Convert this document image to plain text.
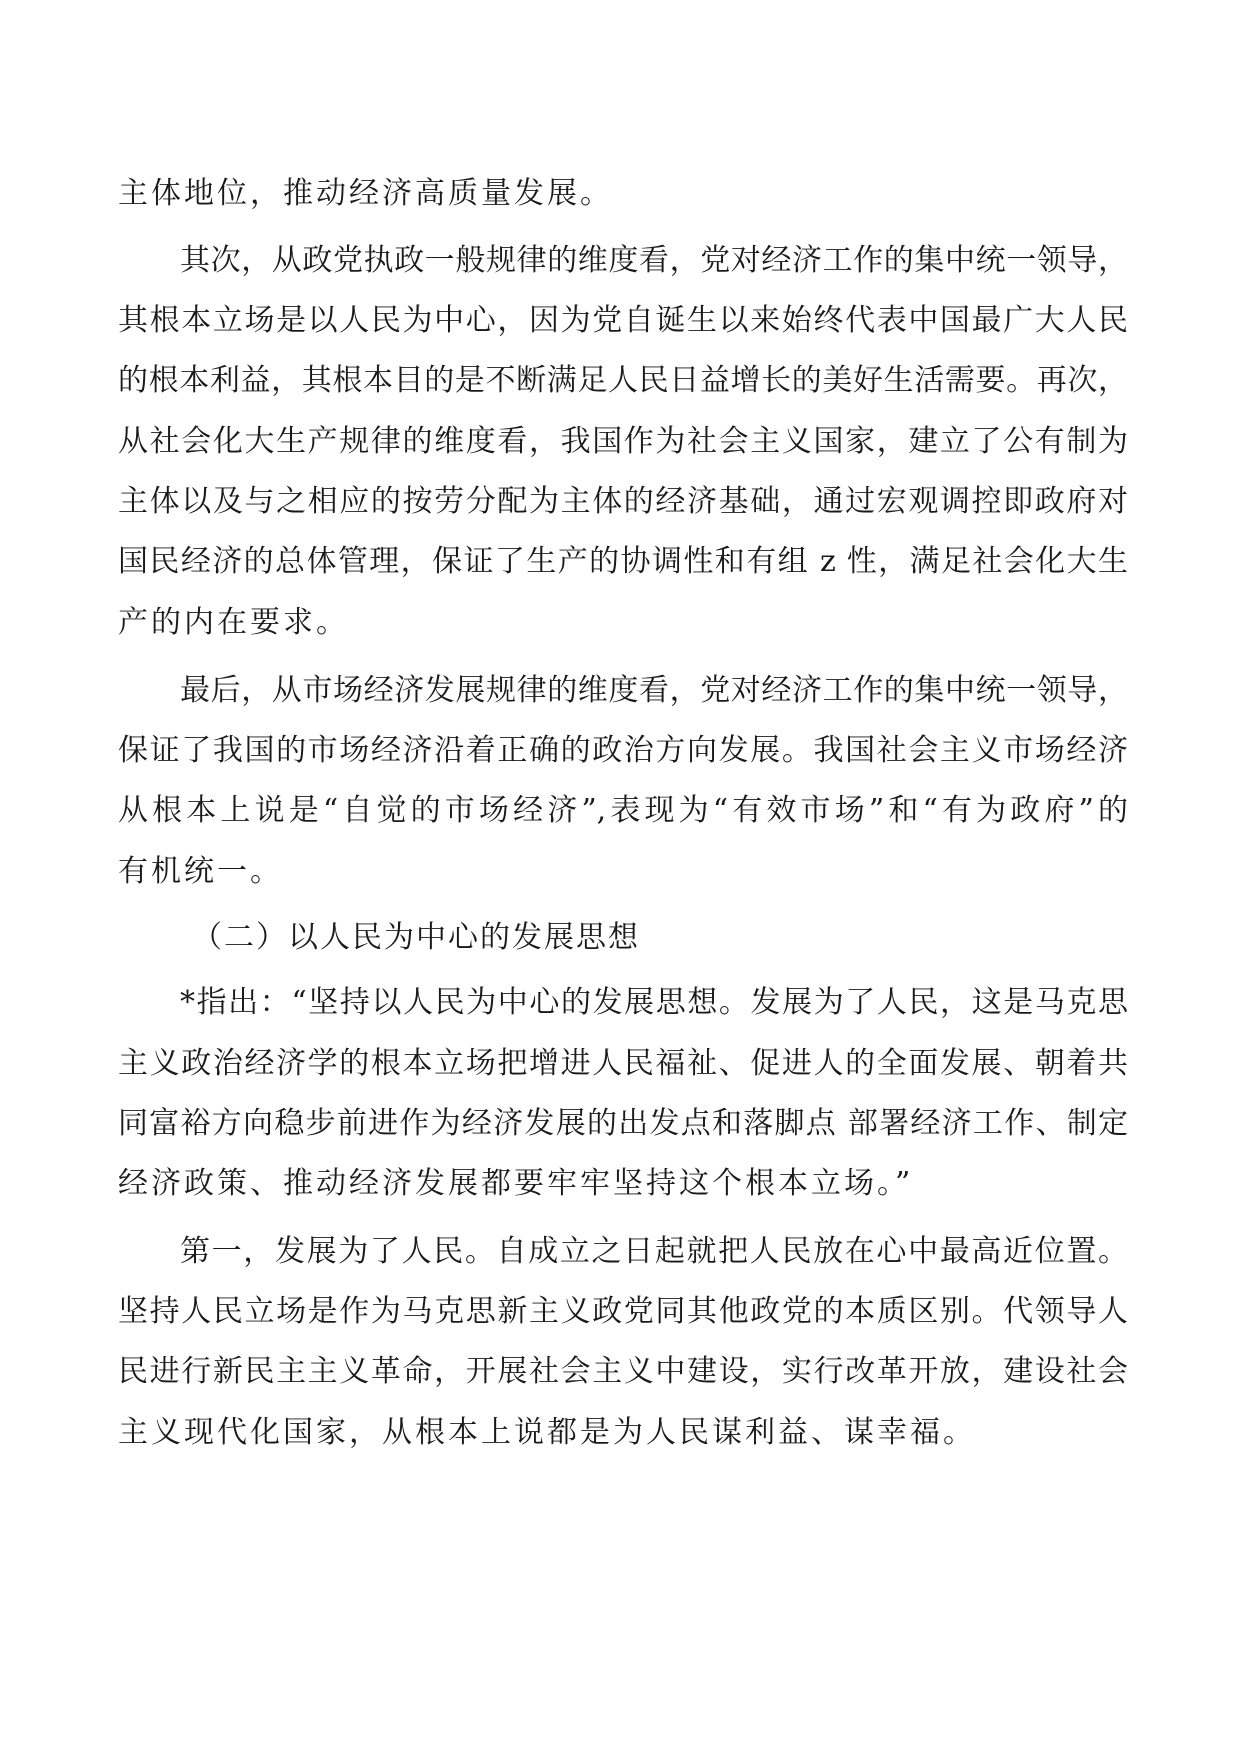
主体地位，推动经济高质量发展。
其次，从政党执政一般规律的维度看，党对经济工作的集中统一领导，
其根本立场是以人民为中心，因为党自诞生以来始终代表中国最广大人民
的根本利益，其根本目的是不断满足人民日益增长的美好生活需要。再次，
从社会化大生产规律的维度看，我国作为社会主义国家，建立了公有制为
主体以及与之相应的按劳分配为主体的经济基础，通过宏观调控即政府对
国民经济的总体管理，保证了生产的协调性和有组 z 性，满足社会化大生
产的内在要求。
最后，从市场经济发展规律的维度看，党对经济工作的集中统一领导，
保证了我国的市场经济沿着正确的政治方向发展。我国社会主义市场经济
从根本上说是“自觉的市场经济”,表现为“有效市场”和“有为政府”的
有机统一。
（二）以人民为中心的发展思想
*指出：“坚持以人民为中心的发展思想。发展为了人民，这是马克思
主义政治经济学的根本立场把增进人民福祉、促进人的全面发展、朝着共
同富裕方向稳步前进作为经济发展的出发点和落脚点 部署经济工作、制定
经济政策、推动经济发展都要牢牢坚持这个根本立场。”
第一，发展为了人民。自成立之日起就把人民放在心中最高近位置。
坚持人民立场是作为马克思新主义政党同其他政党的本质区别。代领导人
民进行新民主主义革命，开展社会主义中建设，实行改革开放，建设社会
主义现代化国家，从根本上说都是为人民谋利益、谋幸福。
